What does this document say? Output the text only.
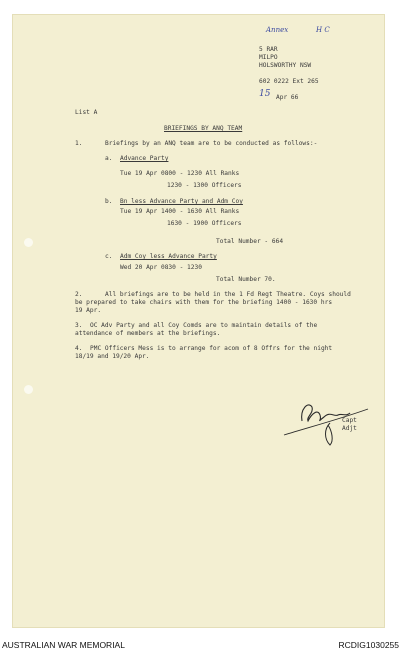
Annex	H C
5 RAR
MILPO
HOLSWORTHY NSW
602 0222 Ext 265
15 Apr 66
List A
BRIEFINGS BY ANQ TEAM
1.	Briefings by an ANQ team are to be conducted as follows:-
a. Advance Party
Tue 19 Apr 0800 - 1230 All Ranks
1230 - 1300 Officers
b. Bn less Advance Party and Adm Coy
Tue 19 Apr 1400 - 1630 All Ranks
1630 - 1900 Officers
Total Number - 664
c. Adm Coy less Advance Party
Wed 20 Apr 0830 - 1230
Total Number 70.
2.	All briefings are to be held in the 1 Fd Regt Theatre. Coys should
be prepared to take chairs with them for the briefing 1400 - 1630 hrs
19 Apr.
3. OC Adv Party and all Coy Comds are to maintain details of the
attendance of members at the briefings.
4. PMC Officers Mess is to arrange for acom of 8 Offrs for the night
18/19 and 19/20 Apr.
Capt
Adjt
AUSTRALIAN WAR MEMORIAL	RCDIG1030255
